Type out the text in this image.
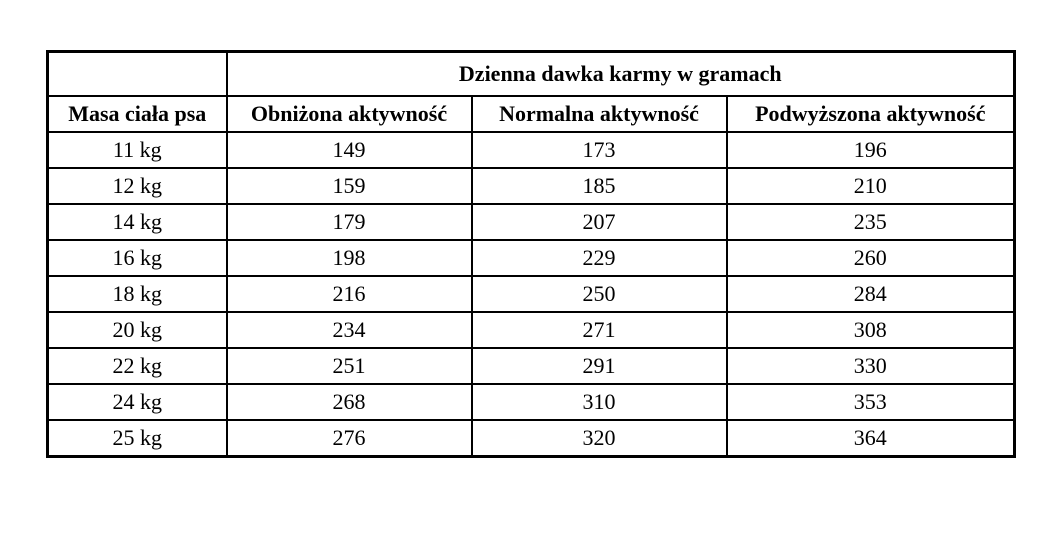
	Dzienna dawka karmy w gramach		
Masa ciała psa	Obniżona aktywność	Normalna aktywność	Podwyższona aktywność
11 kg	149	173	196
12 kg	159	185	210
14 kg	179	207	235
16 kg	198	229	260
18 kg	216	250	284
20 kg	234	271	308
22 kg	251	291	330
24 kg	268	310	353
25 kg	276	320	364
